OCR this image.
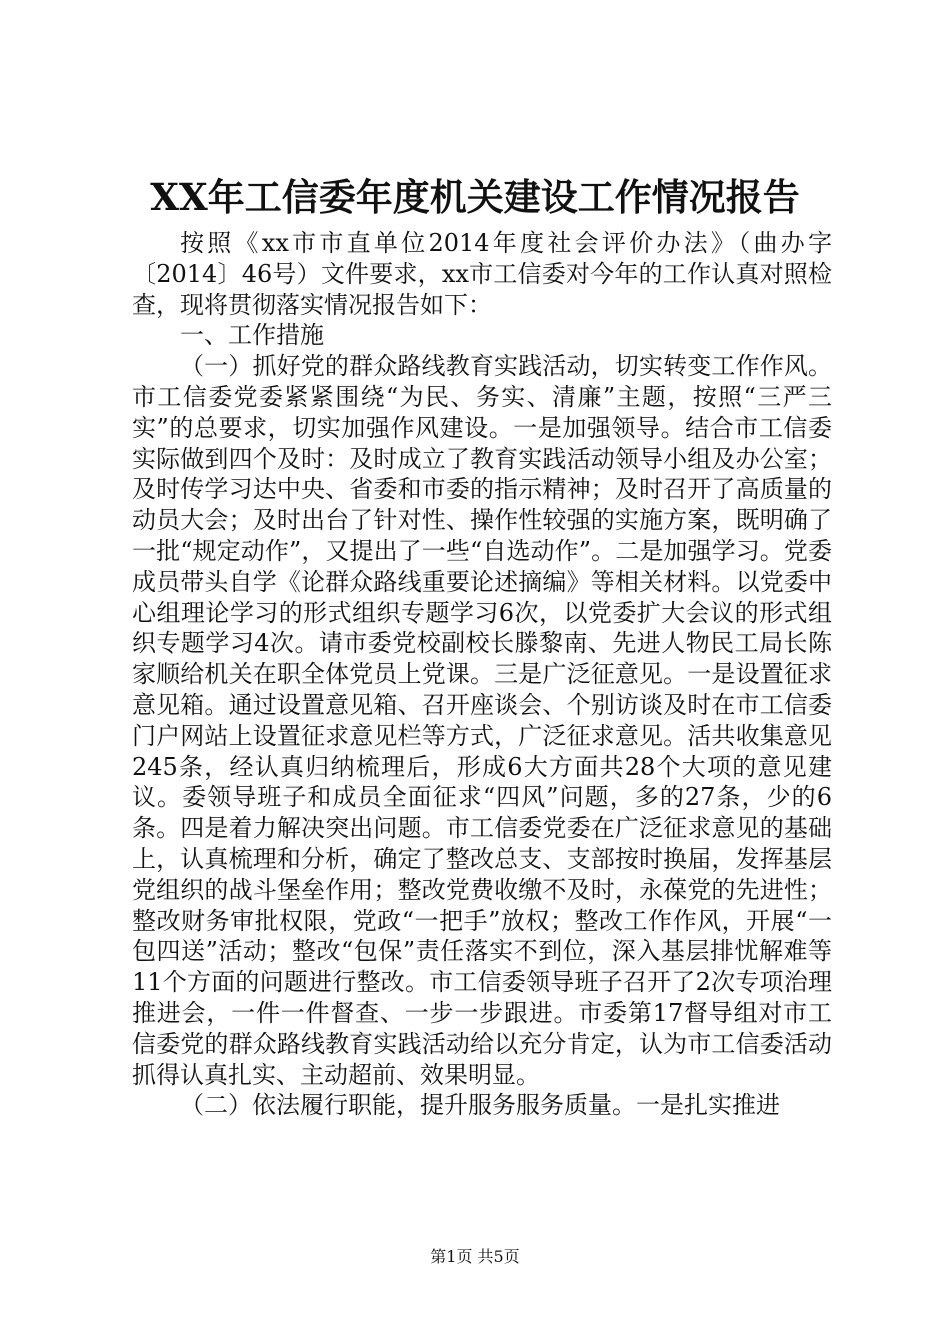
XX年工信委年度机关建设工作情况报告

按照《xx市市直单位2014年度社会评价办法》（曲办字〔2014〕46号）文件要求，xx市工信委对今年的工作认真对照检查，现将贯彻落实情况报告如下：

一、工作措施

（一）抓好党的群众路线教育实践活动，切实转变工作作风。市工信委党委紧紧围绕“为民、务实、清廉”主题，按照“三严三实”的总要求，切实加强作风建设。一是加强领导。结合市工信委实际做到四个及时：及时成立了教育实践活动领导小组及办公室；及时传学习达中央、省委和市委的指示精神；及时召开了高质量的动员大会；及时出台了针对性、操作性较强的实施方案，既明确了一批“规定动作”，又提出了一些“自选动作”。二是加强学习。党委成员带头自学《论群众路线重要论述摘编》等相关材料。以党委中心组理论学习的形式组织专题学习6次，以党委扩大会议的形式组织专题学习4次。请市委党校副校长滕黎南、先进人物民工局长陈家顺给机关在职全体党员上党课。三是广泛征意见。一是设置征求意见箱。通过设置意见箱、召开座谈会、个别访谈及时在市工信委门户网站上设置征求意见栏等方式，广泛征求意见。活共收集意见245条，经认真归纳梳理后，形成6大方面共28个大项的意见建议。委领导班子和成员全面征求“四风”问题，多的27条，少的6条。四是着力解决突出问题。市工信委党委在广泛征求意见的基础上，认真梳理和分析，确定了整改总支、支部按时换届，发挥基层党组织的战斗堡垒作用；整改党费收缴不及时，永葆党的先进性；整改财务审批权限，党政“一把手”放权；整改工作作风，开展“一包四送”活动；整改“包保”责任落实不到位，深入基层排忧解难等11个方面的问题进行整改。市工信委领导班子召开了2次专项治理推进会，一件一件督查、一步一步跟进。市委第17督导组对市工信委党的群众路线教育实践活动给以充分肯定，认为市工信委活动抓得认真扎实、主动超前、效果明显。

（二）依法履行职能，提升服务服务质量。一是扎实推进

第1页 共5页
